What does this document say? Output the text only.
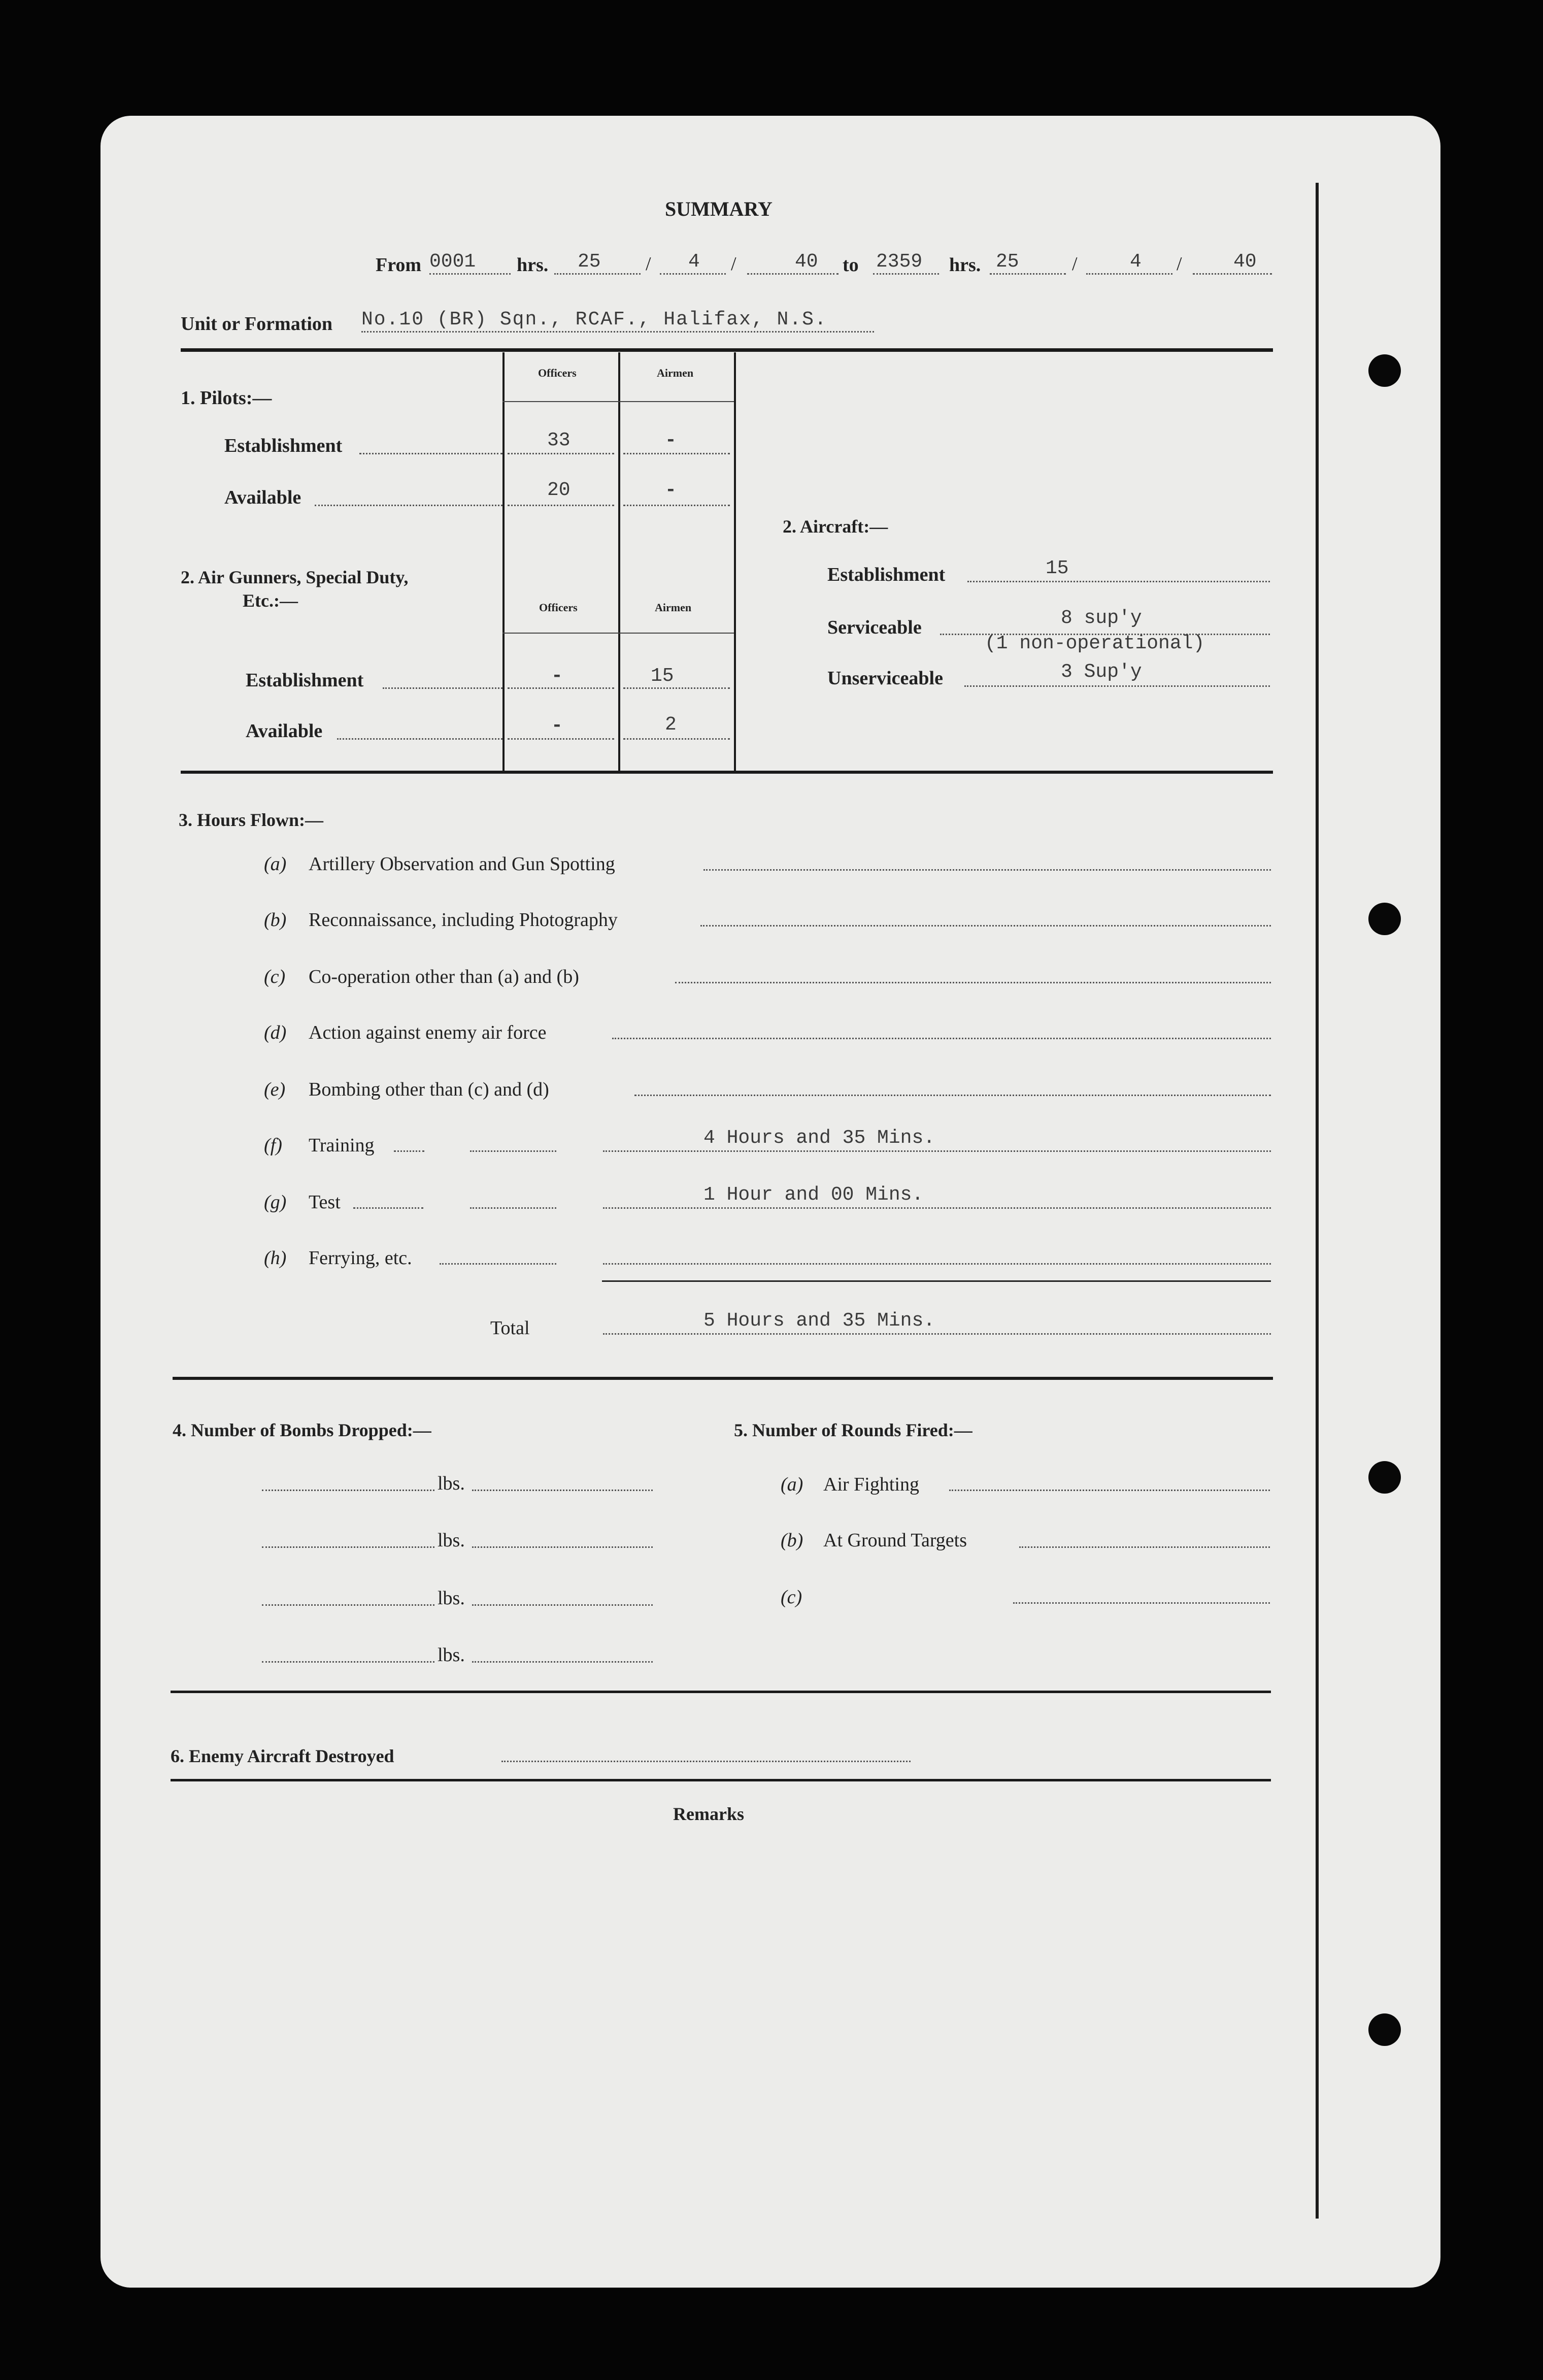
SUMMARY
From 0001 hrs. 25 / 4 /	40 to 2359 hrs. 25	/	4 /	40
Unit or Formation No.10 (BR) Sqn., RCAF., Halifax, N.S.
1. Pilots:—
Officers	Airmen
Establishment	33	-
Available	20	-
2. Air Gunners, Special Duty,
Etc.:—	Officers	Airmen
Establishment	-	15
Available	-	2
2. Aircraft:—
Establishment	15
Serviceable	8 sup'y
(1 non-operational)
Unserviceable	3 Sup'y
3. Hours Flown:—
(a) Artillery Observation and Gun Spotting
(b) Reconnaissance, including Photography
(c) Co-operation other than (a) and (b)
(d) Action against enemy air force
(e) Bombing other than (c) and (d)
(f) Training	4 Hours and 35 Mins.
(g) Test	1 Hour and 00 Mins.
(h) Ferrying, etc.
Total	5 Hours and 35 Mins.
4. Number of Bombs Dropped:—
lbs.
lbs.
lbs.
lbs.
5. Number of Rounds Fired:—
(a) Air Fighting
(b) At Ground Targets
(c)
6. Enemy Aircraft Destroyed
Remarks
